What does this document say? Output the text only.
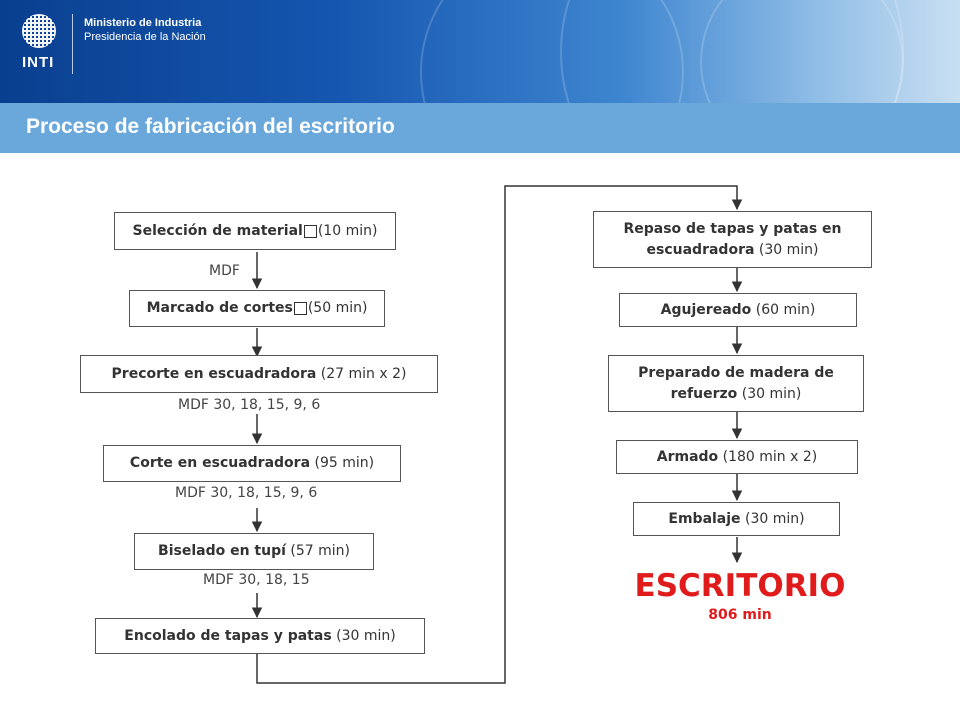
INTI
Ministerio de Industria
Presidencia de la Nación
Proceso de fabricación del escritorio
Selección de material (10 min)
MDF
Marcado de cortes (50 min)
Precorte en escuadradora
(27 min x 2)
MDF 30, 18, 15, 9, 6
Corte en escuadradora
(95 min)
MDF 30, 18, 15, 9, 6
Biselado en tupí
(57 min)
MDF 30, 18, 15
Encolado de tapas y patas
(30 min)
Repaso de tapas y patas en
escuadradora (30 min)
Agujereado
(60 min)
Preparado de madera de
refuerzo (30 min)
Armado
(180 min x 2)
Embalaje
(30 min)
ESCRITORIO
806 min
